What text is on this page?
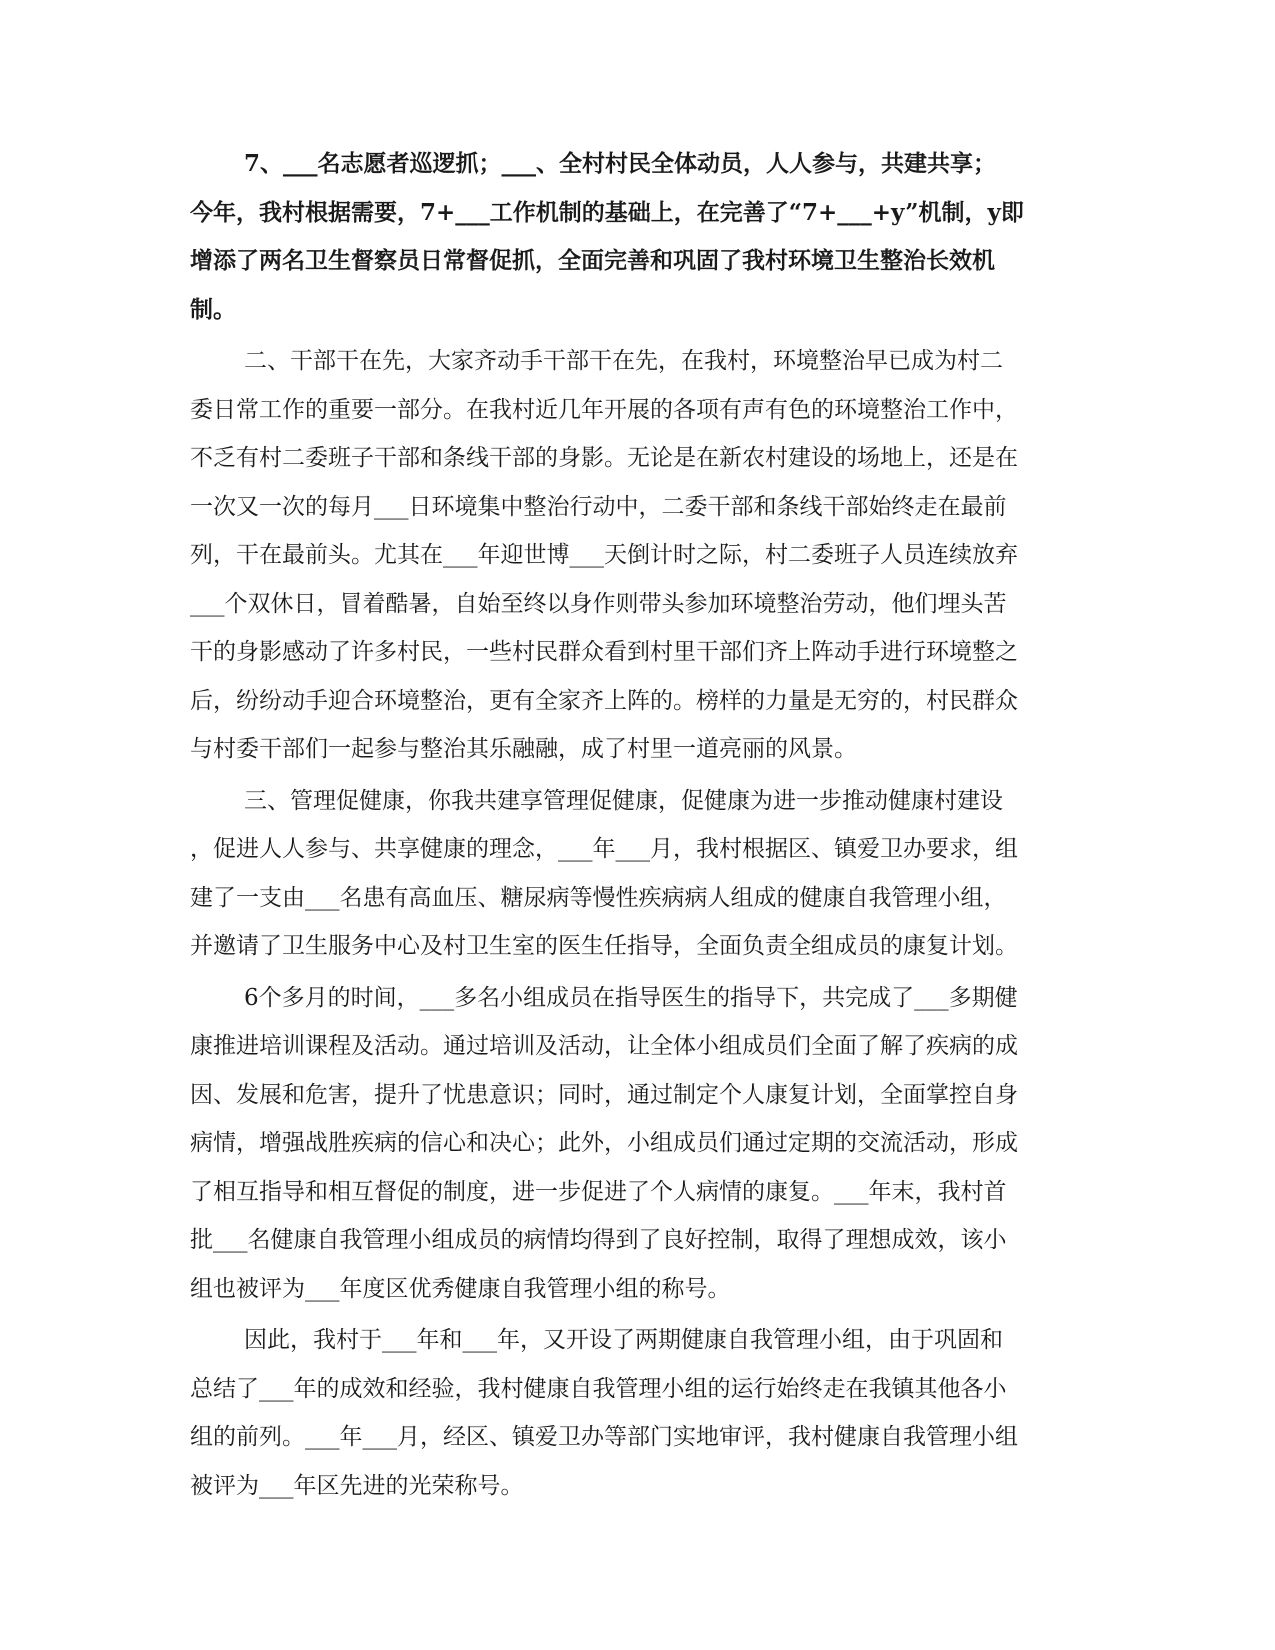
7、___名志愿者巡逻抓；___、全村村民全体动员，人人参与，共建共享；
今年，我村根据需要，7+___工作机制的基础上，在完善了“7+___+y”机制，y即
增添了两名卫生督察员日常督促抓，全面完善和巩固了我村环境卫生整治长效机
制。
二、干部干在先，大家齐动手干部干在先，在我村，环境整治早已成为村二
委日常工作的重要一部分。在我村近几年开展的各项有声有色的环境整治工作中，
不乏有村二委班子干部和条线干部的身影。无论是在新农村建设的场地上，还是在
一次又一次的每月___日环境集中整治行动中，二委干部和条线干部始终走在最前
列，干在最前头。尤其在___年迎世博___天倒计时之际，村二委班子人员连续放弃
___个双休日，冒着酷暑，自始至终以身作则带头参加环境整治劳动，他们埋头苦
干的身影感动了许多村民，一些村民群众看到村里干部们齐上阵动手进行环境整之
后，纷纷动手迎合环境整治，更有全家齐上阵的。榜样的力量是无穷的，村民群众
与村委干部们一起参与整治其乐融融，成了村里一道亮丽的风景。
三、管理促健康，你我共建享管理促健康，促健康为进一步推动健康村建设
，促进人人参与、共享健康的理念，___年___月，我村根据区、镇爱卫办要求，组
建了一支由___名患有高血压、糖尿病等慢性疾病病人组成的健康自我管理小组，
并邀请了卫生服务中心及村卫生室的医生任指导，全面负责全组成员的康复计划。
6个多月的时间，___多名小组成员在指导医生的指导下，共完成了___多期健
康推进培训课程及活动。通过培训及活动，让全体小组成员们全面了解了疾病的成
因、发展和危害，提升了忧患意识；同时，通过制定个人康复计划，全面掌控自身
病情，增强战胜疾病的信心和决心；此外，小组成员们通过定期的交流活动，形成
了相互指导和相互督促的制度，进一步促进了个人病情的康复。___年末，我村首
批___名健康自我管理小组成员的病情均得到了良好控制，取得了理想成效，该小
组也被评为___年度区优秀健康自我管理小组的称号。
因此，我村于___年和___年，又开设了两期健康自我管理小组，由于巩固和
总结了___年的成效和经验，我村健康自我管理小组的运行始终走在我镇其他各小
组的前列。___年___月，经区、镇爱卫办等部门实地审评，我村健康自我管理小组
被评为___年区先进的光荣称号。
